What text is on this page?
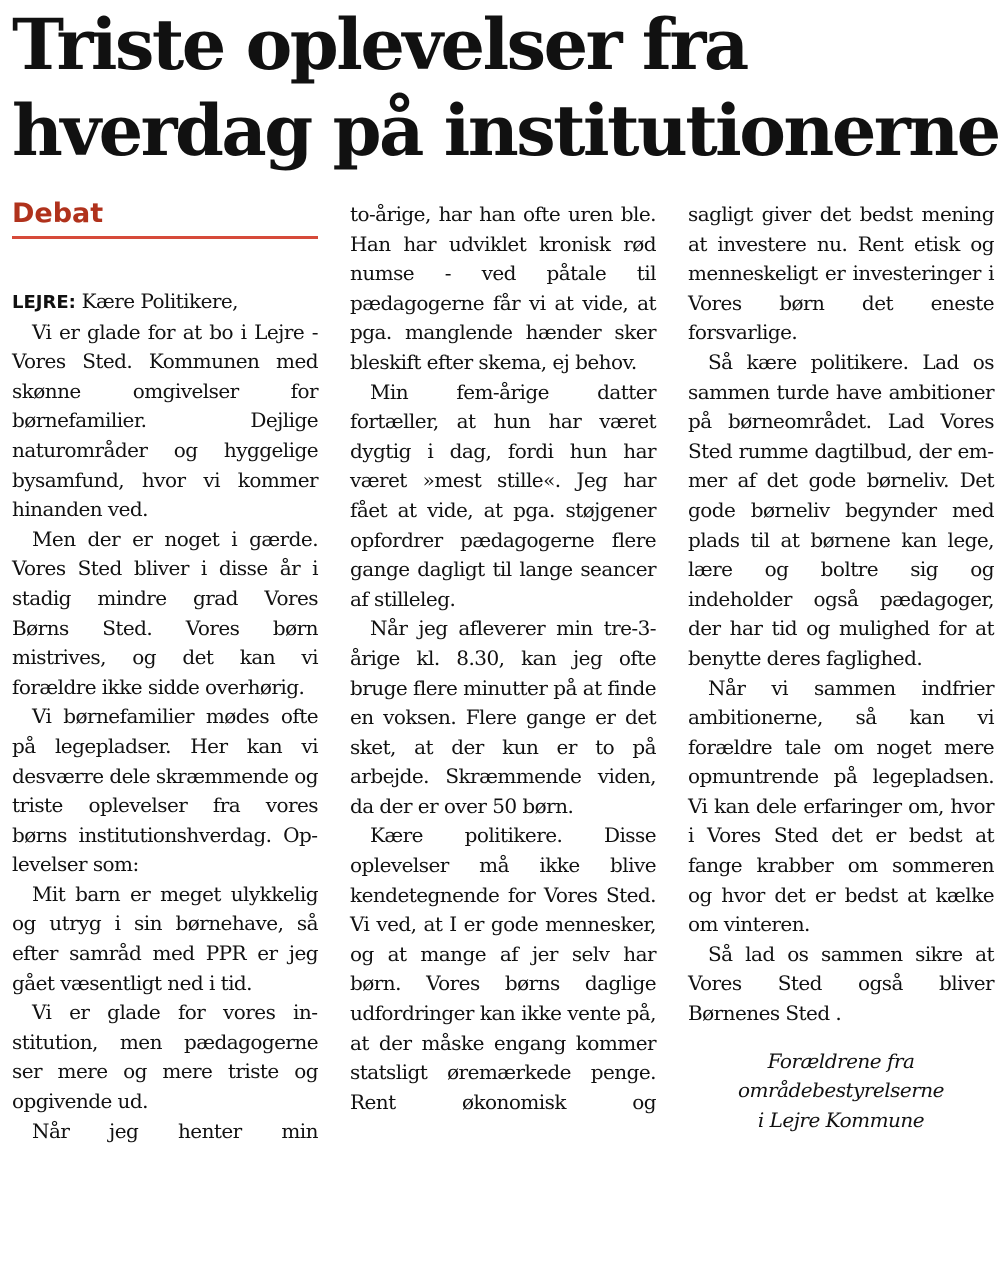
Triste oplevelser fra
hverdag på institutionerne
Debat

LEJRE: Kære Politikere,

Vi er glade for at bo i Lejre - Vores Sted. Kommunen med skønne omgivelser for børnefamilier. Dejlige naturområder og hyggelige bysamfund, hvor vi kommer hinanden ved.

Men der er noget i gærde. Vores Sted bliver i disse år i stadig mindre grad Vores Børns Sted. Vores børn mistrives, og det kan vi forældre ikke sidde overhørig.

Vi børnefamilier mødes ofte på legepladser. Her kan vi desværre dele skræmmende og triste oplevelser fra vores børns institutionshverdag. Oplevelser som:

Mit barn er meget ulykkelig og utryg i sin børnehave, så efter samråd med PPR er jeg gået væsentligt ned i tid.

Vi er glade for vores institution, men pædagogerne ser mere og mere triste og opgivende ud.

Når jeg henter min

to-årige, har han ofte uren ble. Han har udviklet kronisk rød numse - ved påtale til pædagogerne får vi at vide, at pga. manglende hænder sker bleskift efter skema, ej behov.

Min fem-årige datter fortæller, at hun har været dygtig i dag, fordi hun har været »mest stille«. Jeg har fået at vide, at pga. støjgener opfordrer pædagogerne flere gange dagligt til lange seancer af stilleleg.

Når jeg afleverer min tre-3-årige kl. 8.30, kan jeg ofte bruge flere minutter på at finde en voksen. Flere gange er det sket, at der kun er to på arbejde. Skræmmende viden, da der er over 50 børn.

Kære politikere. Disse oplevelser må ikke blive kendetegnende for Vores Sted. Vi ved, at I er gode mennesker, og at mange af jer selv har børn. Vores børns daglige udfordringer kan ikke vente på, at der måske engang kommer statsligt øremærkede penge. Rent økonomisk og

sagligt giver det bedst mening at investere nu. Rent etisk og menneskeligt er investeringer i Vores børn det eneste forsvarlige.

Så kære politikere. Lad os sammen turde have ambitioner på børneområdet. Lad Vores Sted rumme dagtilbud, der emmer af det gode børneliv. Det gode børneliv begynder med plads til at børnene kan lege, lære og boltre sig og indeholder også pædagoger, der har tid og mulighed for at benytte deres faglighed.

Når vi sammen indfrier ambitionerne, så kan vi forældre tale om noget mere opmuntrende på legepladsen. Vi kan dele erfaringer om, hvor i Vores Sted det er bedst at fange krabber om sommeren og hvor det er bedst at kælke om vinteren.

Så lad os sammen sikre at Vores Sted også bliver Børnenes Sted .

Forældrene fra
områdebestyrelserne
i Lejre Kommune
